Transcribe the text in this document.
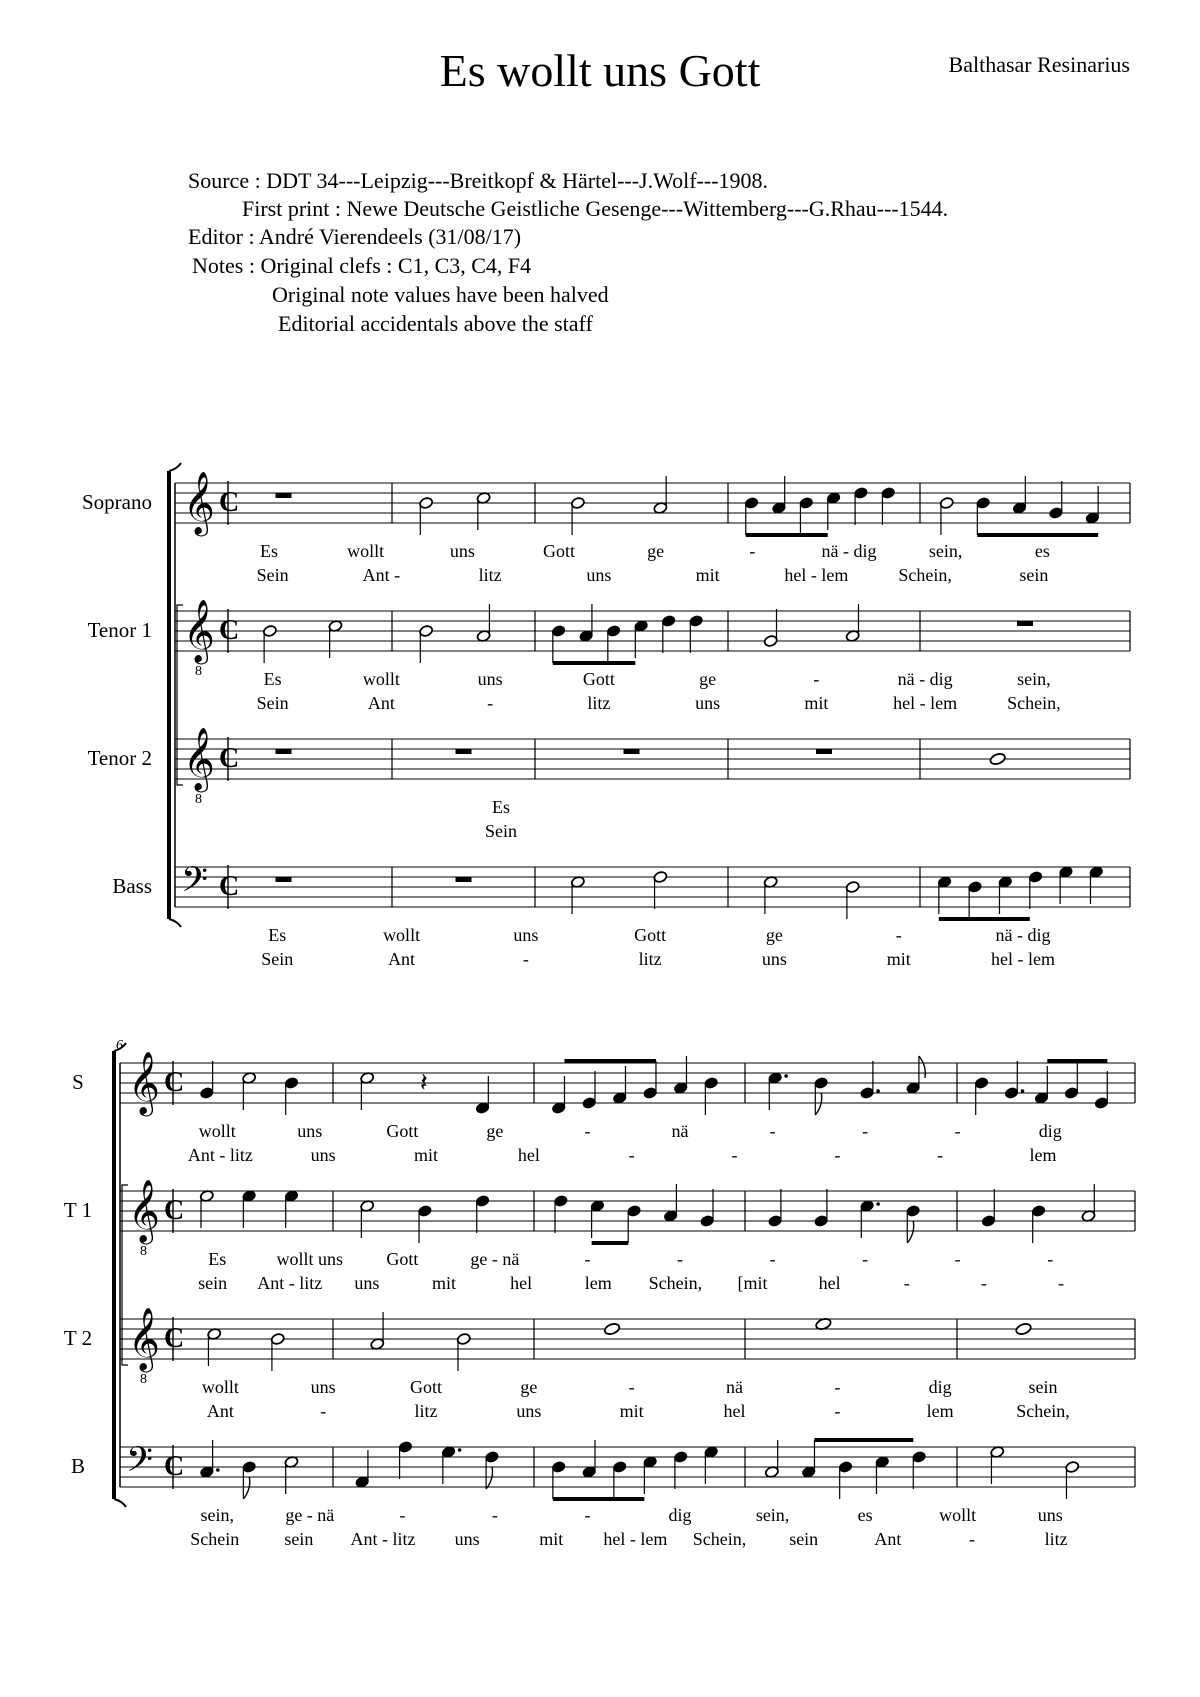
Es wollt uns Gott	Balthasar Resinarius
Source : DDT 34---Leipzig---Breitkopf & Härtel---J.Wolf---1908.
First print : Newe Deutsche Geistliche Gesenge---Wittemberg---G.Rhau---1544.
Editor : André Vierendeels (31/08/17)
Notes : Original clefs : C1, C3, C4, F4
Original note values have been halved
Editorial accidentals above the staff
Soprano 𝄞 C
Es	wollt	uns	Gott	ge	-	nä - dig	sein,	es
Sein	Ant -	litz	uns	mit	hel - lem	Schein,	sein
Tenor 1 𝄞
8
C
Es	wollt	uns	Gott	ge	-	nä - dig	sein,
Sein	Ant	-	litz	uns	mit	hel - lem	Schein,
Tenor 2 𝄞
8
C
Es
Sein
Bass 𝄢 C
Es	wollt	uns	Gott	ge	-	nä - dig
Sein	Ant	-	litz	uns	mit	hel - lem
6
S 𝄞 C	𝄽
wollt	uns	Gott	ge	-	nä	-	-	-	dig
Ant - litz	uns	mit	hel	-	-	-	-	lem
T 1 𝄞
8
C
Es	wollt uns Gott	ge - nä	-	-	-	-	-	-
sein Ant - litz uns	mit	hel	lem Schein, [mit	hel	-	-	-
T 2 𝄞
8
C
wollt	uns	Gott	ge	-	nä	-	dig	sein
Ant	-	litz	uns	mit	hel	-	lem	Schein,
B 𝄢 C
sein,	ge - nä	-	-	-	dig	sein,	es	wollt	uns
Schein	sein Ant - litz uns	mit hel - lem Schein, sein	Ant	-	litz
